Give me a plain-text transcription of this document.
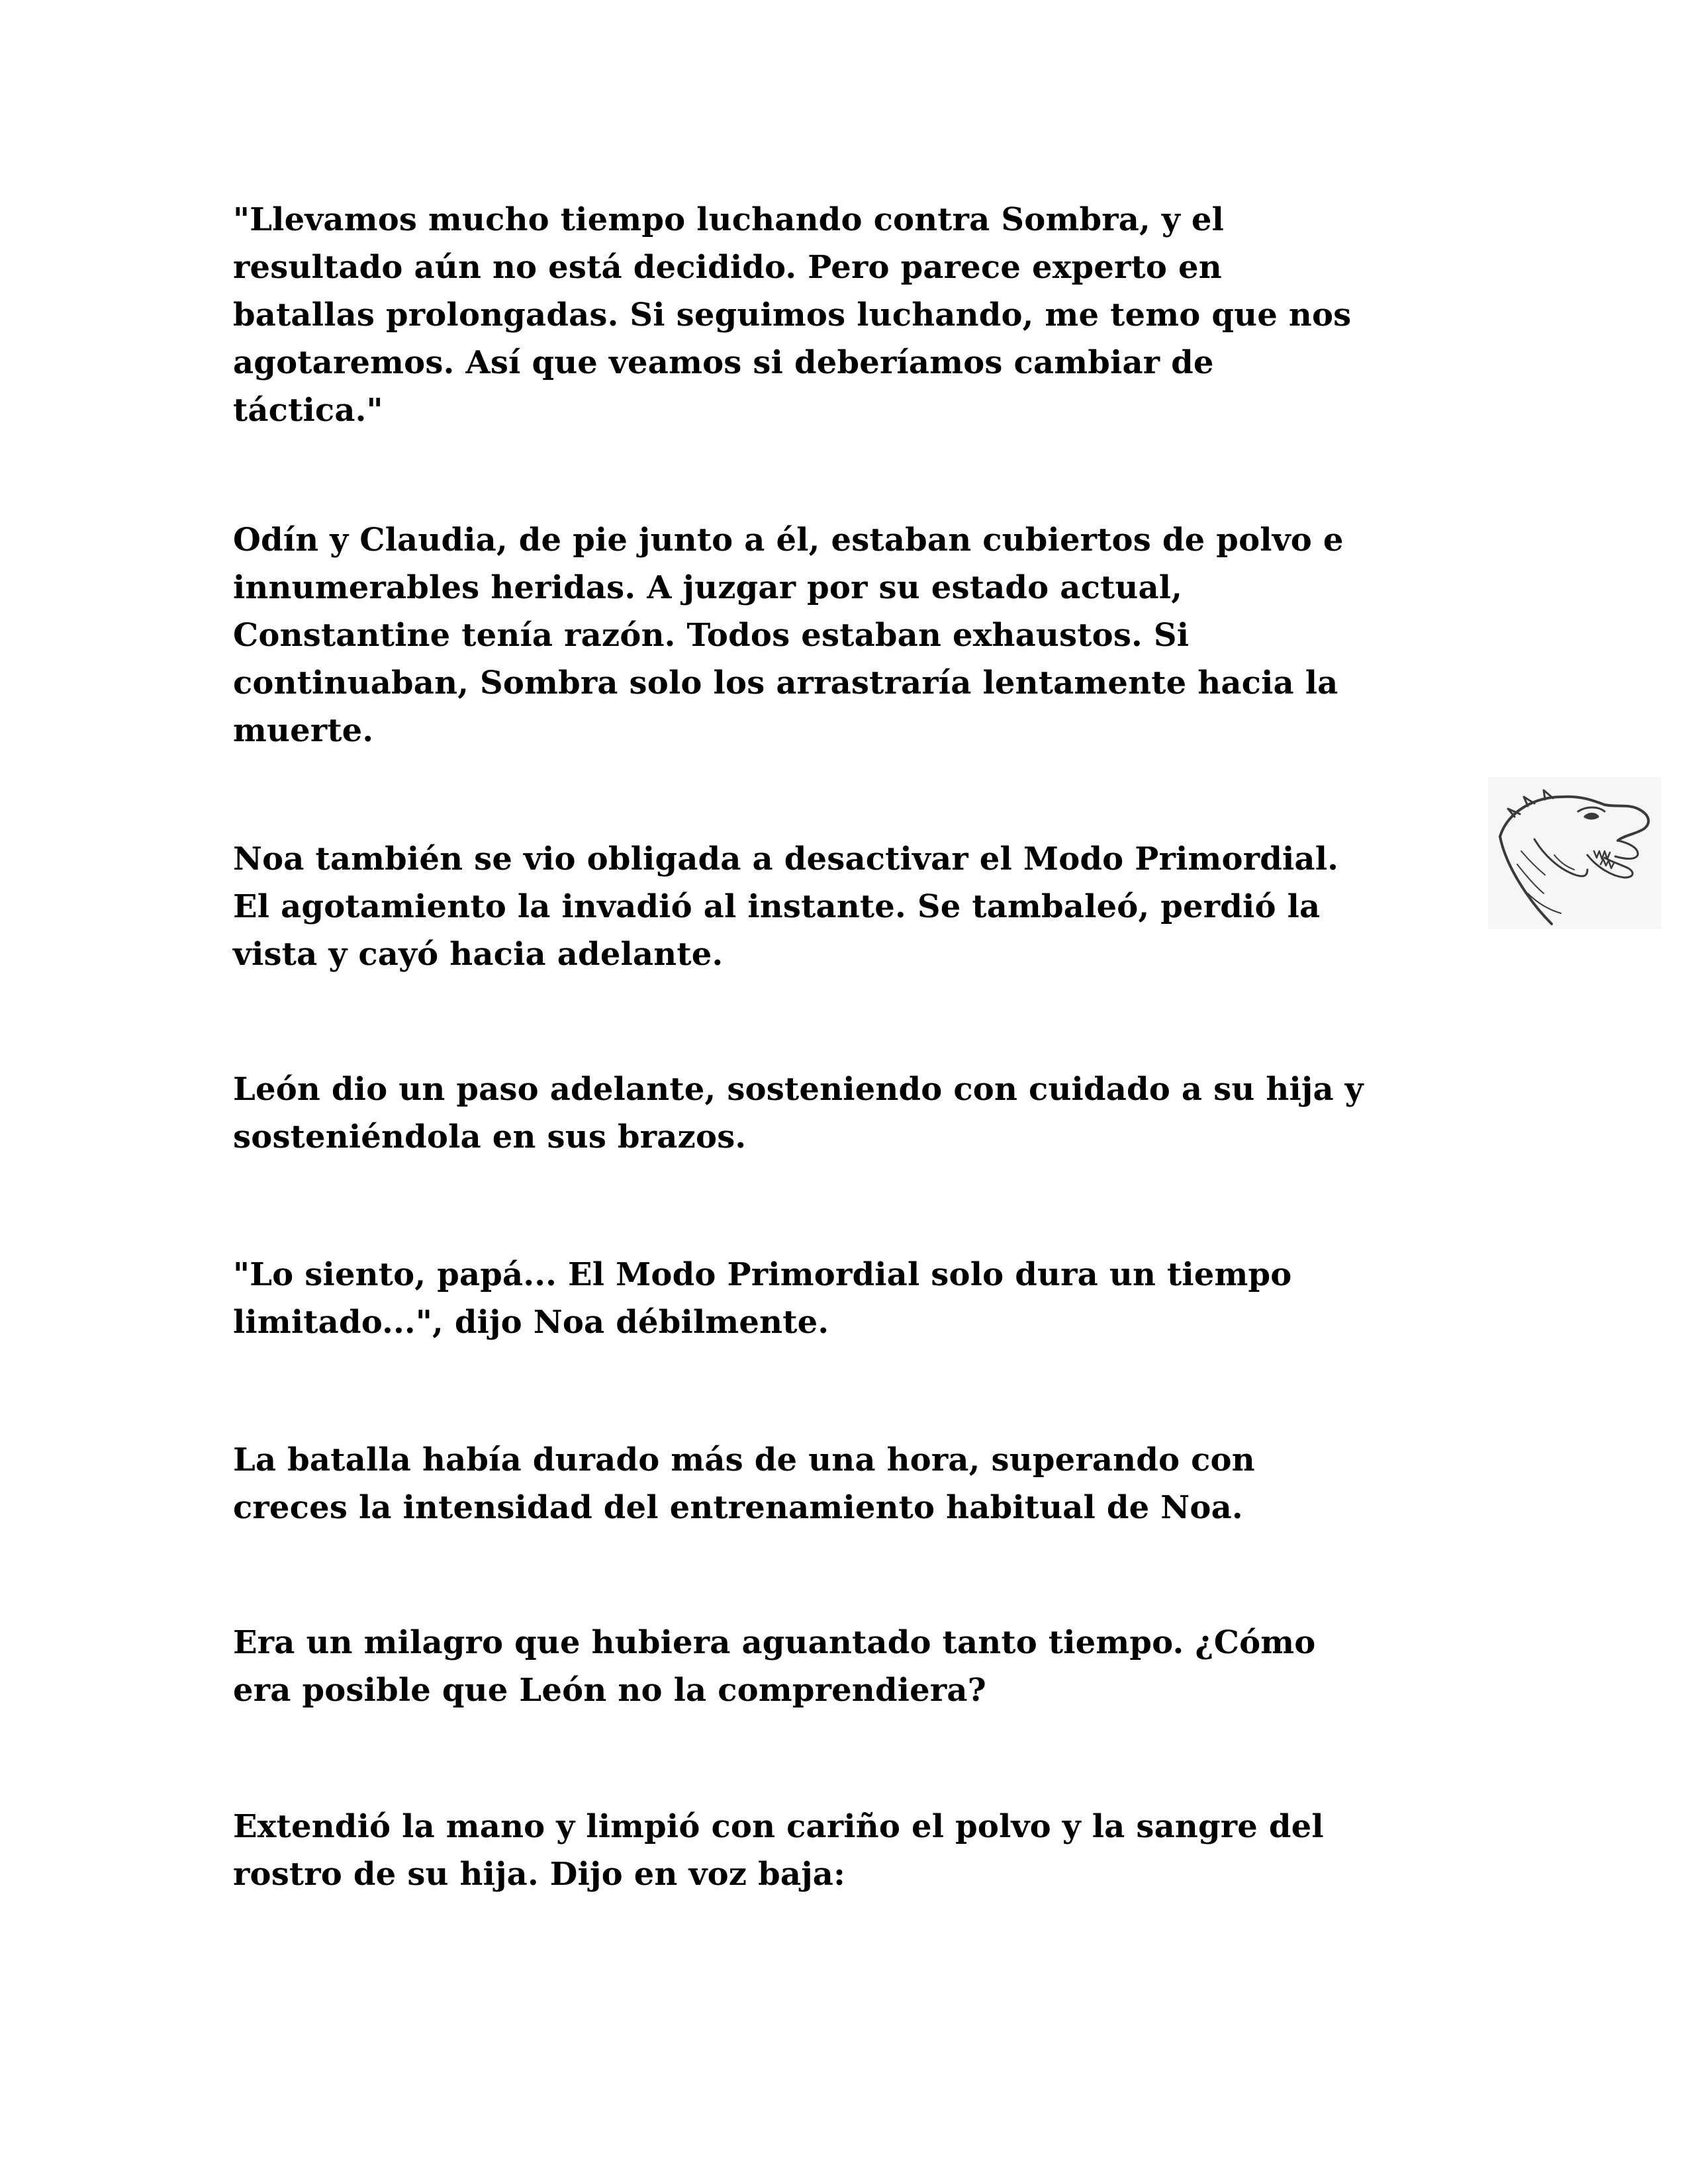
"Llevamos mucho tiempo luchando contra Sombra, y el
resultado aún no está decidido. Pero parece experto en
batallas prolongadas. Si seguimos luchando, me temo que nos
agotaremos. Así que veamos si deberíamos cambiar de
táctica."
Odín y Claudia, de pie junto a él, estaban cubiertos de polvo e
innumerables heridas. A juzgar por su estado actual,
Constantine tenía razón. Todos estaban exhaustos. Si
continuaban, Sombra solo los arrastraría lentamente hacia la
muerte.
Noa también se vio obligada a desactivar el Modo Primordial.
El agotamiento la invadió al instante. Se tambaleó, perdió la
vista y cayó hacia adelante.
León dio un paso adelante, sosteniendo con cuidado a su hija y
sosteniéndola en sus brazos.
"Lo siento, papá... El Modo Primordial solo dura un tiempo
limitado...", dijo Noa débilmente.
La batalla había durado más de una hora, superando con
creces la intensidad del entrenamiento habitual de Noa.
Era un milagro que hubiera aguantado tanto tiempo. ¿Cómo
era posible que León no la comprendiera?
Extendió la mano y limpió con cariño el polvo y la sangre del
rostro de su hija. Dijo en voz baja:
